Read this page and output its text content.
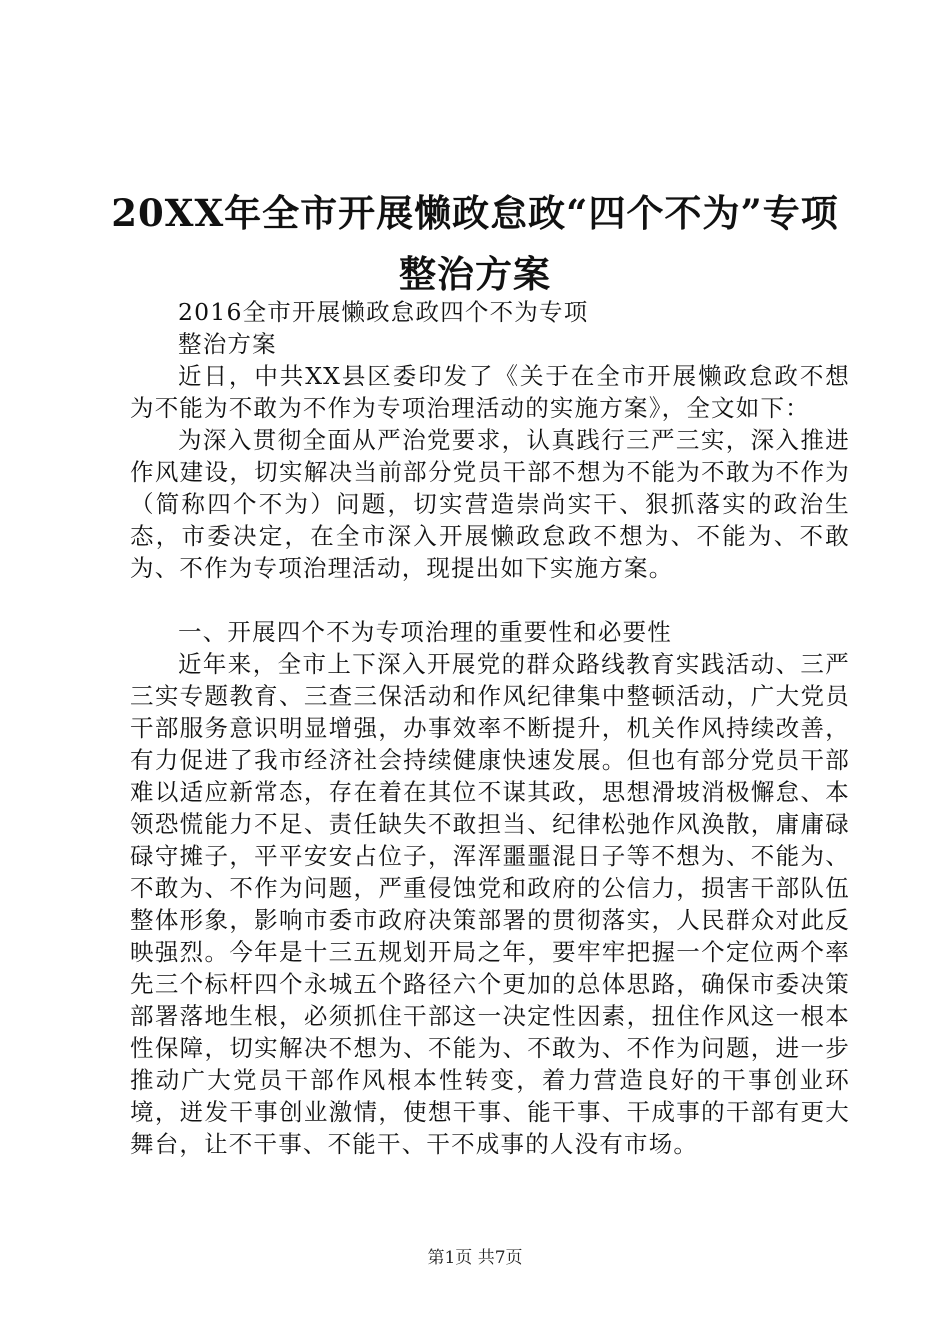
20XX年全市开展懒政怠政“四个不为”专项
整治方案

2016全市开展懒政怠政四个不为专项

整治方案

近日，中共XX县区委印发了《关于在全市开展懒政怠政不想为不能为不敢为不作为专项治理活动的实施方案》，全文如下：

为深入贯彻全面从严治党要求，认真践行三严三实，深入推进作风建设，切实解决当前部分党员干部不想为不能为不敢为不作为（简称四个不为）问题，切实营造崇尚实干、狠抓落实的政治生态，市委决定，在全市深入开展懒政怠政不想为、不能为、不敢为、不作为专项治理活动，现提出如下实施方案。

一、开展四个不为专项治理的重要性和必要性

近年来，全市上下深入开展党的群众路线教育实践活动、三严三实专题教育、三查三保活动和作风纪律集中整顿活动，广大党员干部服务意识明显增强，办事效率不断提升，机关作风持续改善，有力促进了我市经济社会持续健康快速发展。但也有部分党员干部难以适应新常态，存在着在其位不谋其政，思想滑坡消极懈怠、本领恐慌能力不足、责任缺失不敢担当、纪律松弛作风涣散，庸庸碌碌守摊子，平平安安占位子，浑浑噩噩混日子等不想为、不能为、不敢为、不作为问题，严重侵蚀党和政府的公信力，损害干部队伍整体形象，影响市委市政府决策部署的贯彻落实，人民群众对此反映强烈。今年是十三五规划开局之年，要牢牢把握一个定位两个率先三个标杆四个永城五个路径六个更加的总体思路，确保市委决策部署落地生根，必须抓住干部这一决定性因素，扭住作风这一根本性保障，切实解决不想为、不能为、不敢为、不作为问题，进一步推动广大党员干部作风根本性转变，着力营造良好的干事创业环境，迸发干事创业激情，使想干事、能干事、干成事的干部有更大舞台，让不干事、不能干、干不成事的人没有市场。

第1页 共7页
